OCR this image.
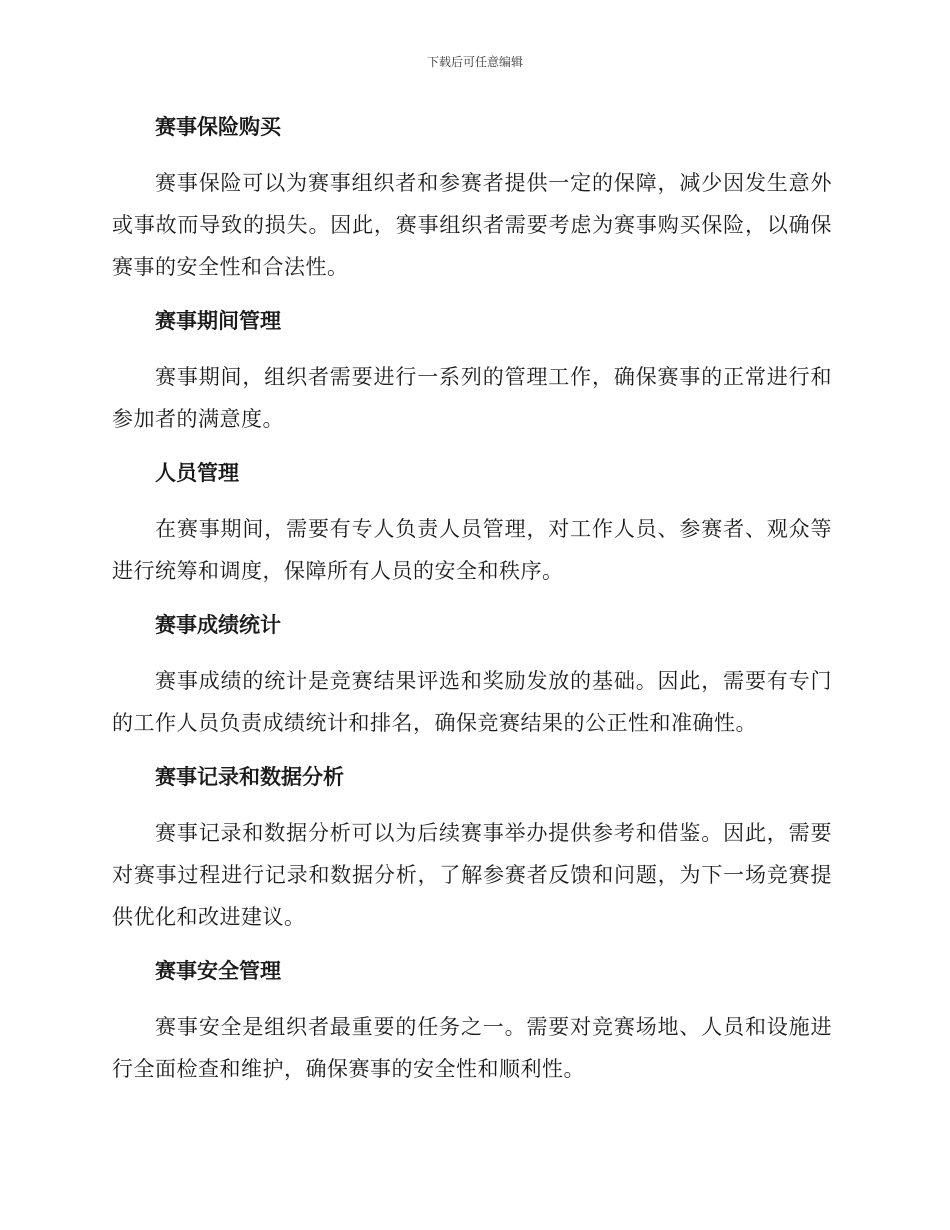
下载后可任意编辑
赛事保险购买

赛事保险可以为赛事组织者和参赛者提供一定的保障，减少因发生意外或事故而导致的损失。因此，赛事组织者需要考虑为赛事购买保险，以确保赛事的安全性和合法性。

赛事期间管理

赛事期间，组织者需要进行一系列的管理工作，确保赛事的正常进行和参加者的满意度。

人员管理

在赛事期间，需要有专人负责人员管理，对工作人员、参赛者、观众等进行统筹和调度，保障所有人员的安全和秩序。

赛事成绩统计

赛事成绩的统计是竞赛结果评选和奖励发放的基础。因此，需要有专门的工作人员负责成绩统计和排名，确保竞赛结果的公正性和准确性。

赛事记录和数据分析

赛事记录和数据分析可以为后续赛事举办提供参考和借鉴。因此，需要对赛事过程进行记录和数据分析，了解参赛者反馈和问题，为下一场竞赛提供优化和改进建议。

赛事安全管理

赛事安全是组织者最重要的任务之一。需要对竞赛场地、人员和设施进行全面检查和维护，确保赛事的安全性和顺利性。
